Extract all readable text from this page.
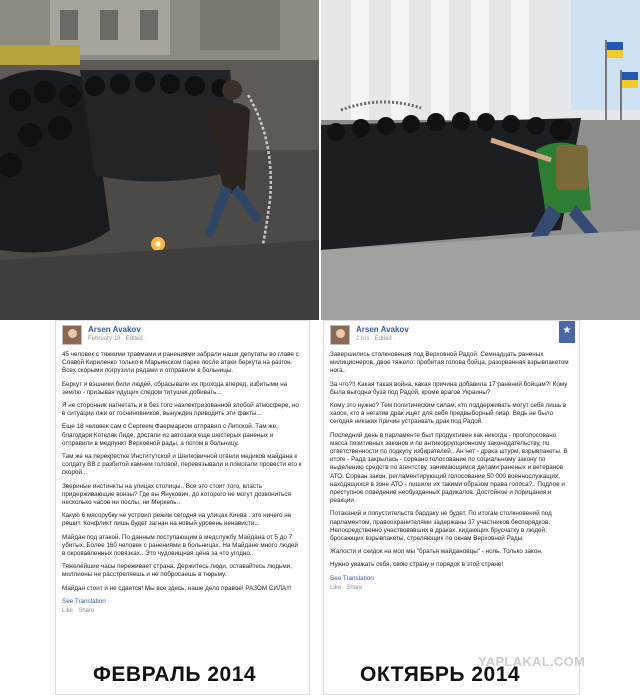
Arsen Avakov
February 18 · Edited ·

45 человек с тяжкими травмами и ранениями забрали наши депутаты во главе с Славой Кириленко только в Марьинском парке после атаки беркута на разгон. Всех скорыми погрузили рядами и отправили в больницы.

Беркут и вэшники били людей, сбрасывали их прохода вперед, избитыми на землю - призывая идущих следом титушек добивать...

Я не сторонник нагнетать и в без того наэлектризованной злобой атмосфере, но в ситуации лжи от госчиновников, вынужден приводить эти факты...

Еще 18 человек сам с Сергеем Фаермарком отправил с Липской. Там же, благодаря Котеляк Лиде, достали из автозака еще шестерых раненых и отправили в медпункт Верховной рады, а потом в больницу.

Там же на перекрестке Институтской и Шелковичной отвели медиков майдана к солдату ВВ с разбитой камнем головой, перевязывали и помогали провести его к скорой...

Звериные инстинкты на улицах столицы.. Все это стоит того, власть придерживающие вонзы? Где вы Янукович, до которого не могут дозвониться несколько часов ни послы, ни Меркель..

Какую 6 мясорубку не устроил режим сегодня на улицах Киева . это ничего не решит. Конфликт лишь будет загнан на новый уровень ненависти...

Майдан под атакой. По данным поступающим в медслужбу Майдана от 5 до 7 убитых. Более 160 человек с ранениями в больницах. На Майдане много людей в окровавленных повязках.. Это чудовищная цена за что угодно..

Тяжелейшие часы переживает страна. Держитесь люди, оставайтесь людьми, миллионы не расстреляешь и не побросаешь в тюрьму.

Майдан стоит и не сдается! Мы все здесь, наше дело правое! РАЗОМ СИЛА!!!

See Translation
Like · Share
★
Arsen Avakov
2 hrs · Edited ·

Завершились столкновения под Верховной Радой. Семнадцать раненых милиционеров, двое тяжело: пробитая голова бойца, разорванная взрывпакетом нога..

За что?!! Какая такая война, какая причина добавила 17 ранений бойцам?! Кому была выгодна буза под Радой, кроме врагов Украины?

Кому это нужно? Тем политическим силам, кто поддерживать могут себя лишь в хаосе, кто в негатив драк ищет для себя предвыборный пиар. Ведь не было сегодня никаких причин устраивать драк под Радой.

Последний день в парламенте был продуктивен как никогда - проголосовано масса позитивных законов и по антикоррупционному законодательству, по ответственности по подкупу избирателей.. Ан нет - драка штурм, взрывпакеты. В итоге - Рада закрылась - сорвано голосование по социальному закону по выделению средств по агентству, занимающимся делами раненых и ветеранов АТО. Сорван закон, регламентирующий голосование 50 000 военнослужащих, находящихся в зоне АТО - лишили их такими образом права голоса?.. Подлое и преступное поведение необузданных радикалов. Достойное и порицания и реакции.

Потаканий и попустительств бардаку не будет. По итогам столкновений под парламентом, правоохранителями задержаны 37 участников беспорядков. Непосредственно участвовавших в драках, кидающих брусчатку в людей, бросающих взрывпакеты, стреляющих по окнам Верховной Рады.

Жалости и скидок на мол мы "братья майдановцы" - ноль. Только закон.

Нужно уважать себя, свою страну и порядок в этой стране!

See Translation
Like · Share
ФЕВРАЛЬ 2014	ОКТЯБРЬ 2014
YAPLAKAL.COM
